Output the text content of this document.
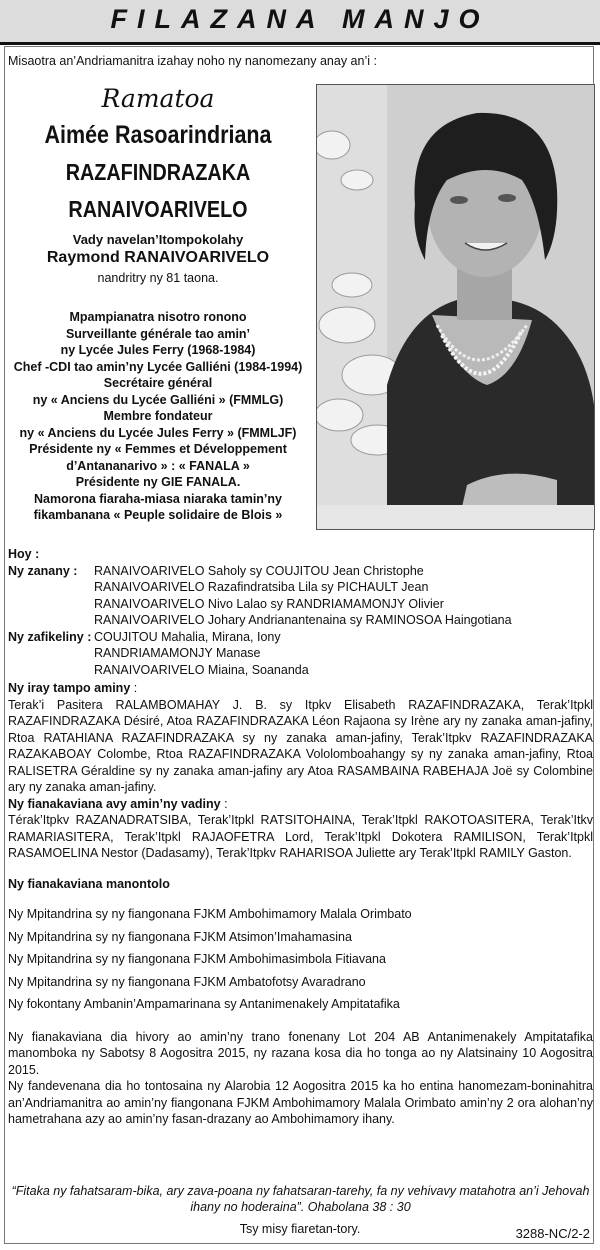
FILAZANA MANJO
Misaotra an’Andriamanitra izahay noho ny nanomezany anay an’i :
Ramatoa
Aimée Rasoarindriana
RAZAFINDRAZAKA
RANAIVOARIVELO
Vady navelan’Itompokolahy
Raymond RANAIVOARIVELO
nandritry ny 81 taona.
Mpampianatra nisotro ronono
Surveillante générale tao amin’
ny Lycée Jules Ferry (1968-1984)
Chef -CDI tao amin’ny Lycée Galliéni (1984-1994)
Secrétaire général
ny « Anciens du Lycée Galliéni » (FMMLG)
Membre fondateur
ny « Anciens du Lycée Jules Ferry » (FMMLJF)
Présidente ny « Femmes et Développement
d’Antananarivo » : « FANALA »
Présidente ny GIE FANALA.
Namorona fiaraha-miasa niaraka tamin’ny
fikambanana « Peuple solidaire de Blois »
Hoy :
Ny zanany :	RANAIVOARIVELO Saholy sy COUJITOU Jean Christophe
RANAIVOARIVELO Razafindratsiba Lila sy PICHAULT Jean
RANAIVOARIVELO Nivo Lalao sy RANDRIAMAMONJY Olivier
RANAIVOARIVELO Johary Andrianantenaina sy RAMINOSOA Haingotiana
Ny zafikeliny : COUJITOU Mahalia, Mirana, Iony
RANDRIAMAMONJY Manase
RANAIVOARIVELO Miaina, Soananda
Ny iray tampo aminy :
Terak’i Pasitera RALAMBOMAHAY J. B. sy Itpkv Elisabeth RAZAFINDRAZAKA, Terak’Itpkl RAZAFINDRAZAKA Désiré, Atoa RAZAFINDRAZAKA Léon Rajaona sy Irène ary ny zanaka aman-jafiny, Rtoa RATAHIANA RAZAFINDRAZAKA sy ny zanaka aman-jafiny, Terak’Itpkv RAZAFINDRAZAKA RAZAKABOAY Colombe, Rtoa RAZAFINDRAZAKA Vololomboahangy sy ny zanaka aman-jafiny, Rtoa RALISETRA Géraldine sy ny zanaka aman-jafiny ary Atoa RASAMBAINA RABEHAJA Joë sy Colombine ary ny zanaka aman-jafiny.
Ny fianakaviana avy amin’ny vadiny :
Térak’Itpkv RAZANADRATSIBA, Terak’Itpkl RATSITOHAINA, Terak’Itpkl RAKOTOASITERA, Terak’Itkv RAMARIASITERA, Terak’Itpkl RAJAOFETRA Lord, Terak’Itpkl Dokotera RAMILISON, Terak’Itpkl RASAMOELINA Nestor (Dadasamy), Terak’Itpkv RAHARISOA Juliette ary Terak’Itpkl RAMILY Gaston.
Ny fianakaviana manontolo
Ny Mpitandrina sy ny fiangonana FJKM Ambohimamory Malala Orimbato
Ny Mpitandrina sy ny fiangonana FJKM Atsimon’Imahamasina
Ny Mpitandrina sy ny fiangonana FJKM Ambohimasimbola Fitiavana
Ny Mpitandrina sy ny fiangonana FJKM Ambatofotsy Avaradrano
Ny fokontany Ambanin’Ampamarinana sy Antanimenakely Ampitatafika
Ny fianakaviana dia hivory ao amin’ny trano fonenany Lot 204 AB Antanimenakely Ampitatafika manomboka ny Sabotsy 8 Aogositra 2015, ny razana kosa dia ho tonga ao ny Alatsinainy 10 Aogositra 2015.
Ny fandevenana dia ho tontosaina ny Alarobia 12 Aogositra 2015 ka ho entina hanomezam-boninahitra an’Andriamanitra ao amin’ny fiangonana FJKM Ambohimamory Malala Orimbato amin’ny 2 ora alohan’ny hametrahana azy ao amin’ny fasan-drazany ao Ambohimamory ihany.
“Fitaka ny fahatsaram-bika, ary zava-poana ny fahatsaran-tarehy, fa ny vehivavy matahotra an’i Jehovah ihany no hoderaina”. Ohabolana 38 : 30
Tsy misy fiaretan-tory.	3288-NC/2-2
